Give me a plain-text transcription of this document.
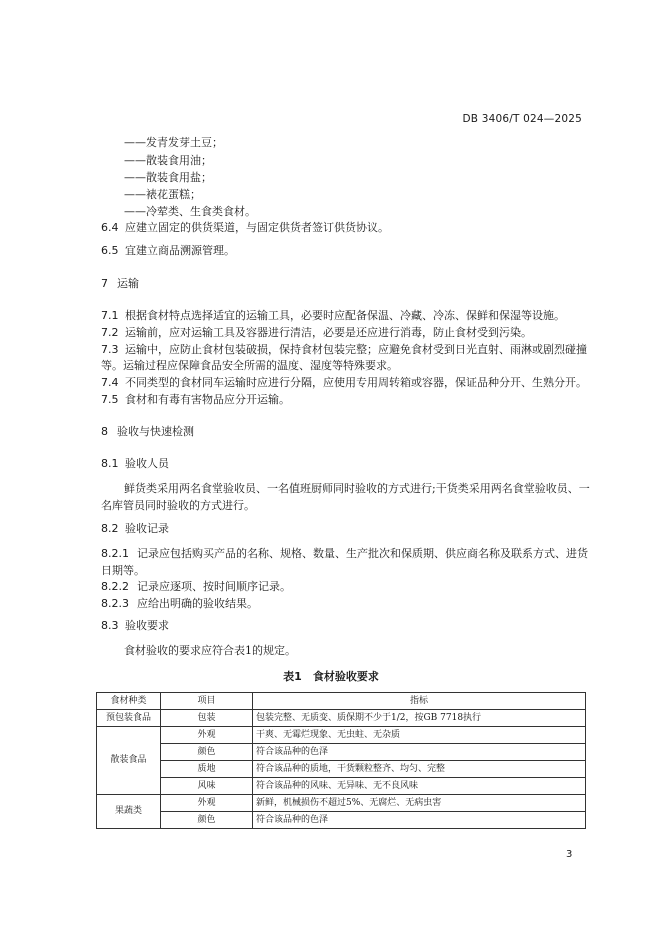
DB 3406/T 024—2025
——发青发芽土豆；
——散装食用油；
——散装食用盐；
——裱花蛋糕；
——冷荤类、生食类食材。
6.4 应建立固定的供货渠道，与固定供货者签订供货协议。
6.5 宜建立商品溯源管理。
7 运输
7.1 根据食材特点选择适宜的运输工具，必要时应配备保温、冷藏、冷冻、保鲜和保湿等设施。
7.2 运输前，应对运输工具及容器进行清洁，必要是还应进行消毒，防止食材受到污染。
7.3 运输中，应防止食材包装破损，保持食材包装完整；应避免食材受到日光直射、雨淋或剧烈碰撞
等。运输过程应保障食品安全所需的温度、湿度等特殊要求。
7.4 不同类型的食材同车运输时应进行分隔，应使用专用周转箱或容器，保证品种分开、生熟分开。
7.5 食材和有毒有害物品应分开运输。
8 验收与快速检测
8.1 验收人员
鲜货类采用两名食堂验收员、一名值班厨师同时验收的方式进行;干货类采用两名食堂验收员、一
名库管员同时验收的方式进行。
8.2 验收记录
8.2.1 记录应包括购买产品的名称、规格、数量、生产批次和保质期、供应商名称及联系方式、进货
日期等。
8.2.2 记录应逐项、按时间顺序记录。
8.2.3 应给出明确的验收结果。
8.3 验收要求
食材验收的要求应符合表1的规定。
表1　食材验收要求
食材种类	项目	指标
预包装食品	包装	包装完整、无质变、质保期不少于1/2，按GB 7718执行
散装食品	外观	干爽、无霉烂现象、无虫蛀、无杂质
	颜色	符合该品种的色泽
	质地	符合该品种的质地，干货颗粒整齐、均匀、完整
	风味	符合该品种的风味、无异味、无不良风味
果蔬类	外观	新鲜，机械损伤不超过5%、无腐烂、无病虫害
	颜色	符合该品种的色泽
3
